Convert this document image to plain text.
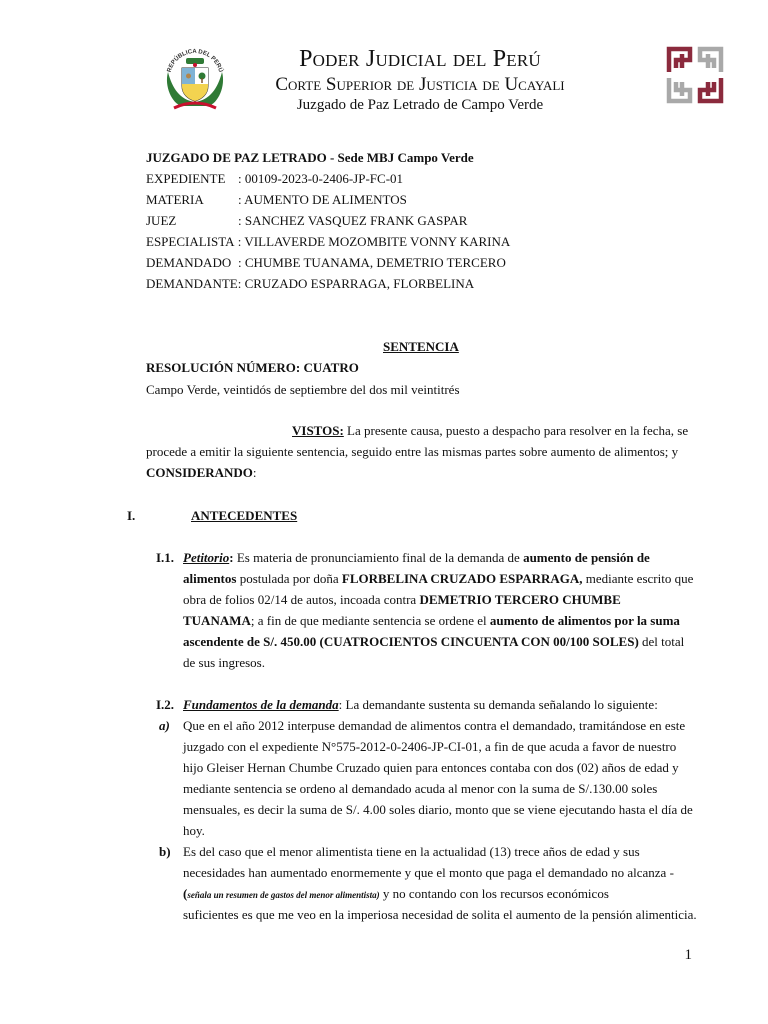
REPÚBLICA DEL PERÚ	Poder Judicial del Perú
Corte Superior de Justicia de Ucayali
Juzgado de Paz Letrado de Campo Verde
JUZGADO DE PAZ LETRADO - Sede MBJ Campo Verde
EXPEDIENTE : 00109-2023-0-2406-JP-FC-01
MATERIA	: AUMENTO DE ALIMENTOS
JUEZ	: SANCHEZ VASQUEZ FRANK GASPAR
ESPECIALISTA : VILLAVERDE MOZOMBITE VONNY KARINA
DEMANDADO : CHUMBE TUANAMA, DEMETRIO TERCERO
DEMANDANTE: CRUZADO ESPARRAGA, FLORBELINA
SENTENCIA
RESOLUCIÓN NÚMERO: CUATRO
Campo Verde, veintidós de septiembre del dos mil veintitrés
VISTOS: La presente causa, puesto a despacho para resolver en la fecha, se
procede a emitir la siguiente sentencia, seguido entre las mismas partes sobre aumento de alimentos; y
CONSIDERANDO:
I.	ANTECEDENTES
I.1. Petitorio: Es materia de pronunciamiento final de la demanda de aumento de pensión de
alimentos postulada por doña FLORBELINA CRUZADO ESPARRAGA, mediante escrito que
obra de folios 02/14 de autos, incoada contra DEMETRIO TERCERO CHUMBE
TUANAMA; a fin de que mediante sentencia se ordene el aumento de alimentos por la suma
ascendente de S/. 450.00 (CUATROCIENTOS CINCUENTA CON 00/100 SOLES) del total
de sus ingresos.
I.2. Fundamentos de la demanda: La demandante sustenta su demanda señalando lo siguiente:
a) Que en el año 2012 interpuse demandad de alimentos contra el demandado, tramitándose en este
juzgado con el expediente N°575-2012-0-2406-JP-CI-01, a fin de que acuda a favor de nuestro
hijo Gleiser Hernan Chumbe Cruzado quien para entonces contaba con dos (02) años de edad y
mediante sentencia se ordeno al demandado acuda al menor con la suma de S/.130.00 soles
mensuales, es decir la suma de S/. 4.00 soles diario, monto que se viene ejecutando hasta el día de
hoy.
b) Es del caso que el menor alimentista tiene en la actualidad (13) trece años de edad y sus
necesidades han aumentado enormemente y que el monto que paga el demandado no alcanza -
(señala un resumen de gastos del menor alimentista) y no contando con los recursos económicos
suficientes es que me veo en la imperiosa necesidad de solita el aumento de la pensión alimenticia.
1
